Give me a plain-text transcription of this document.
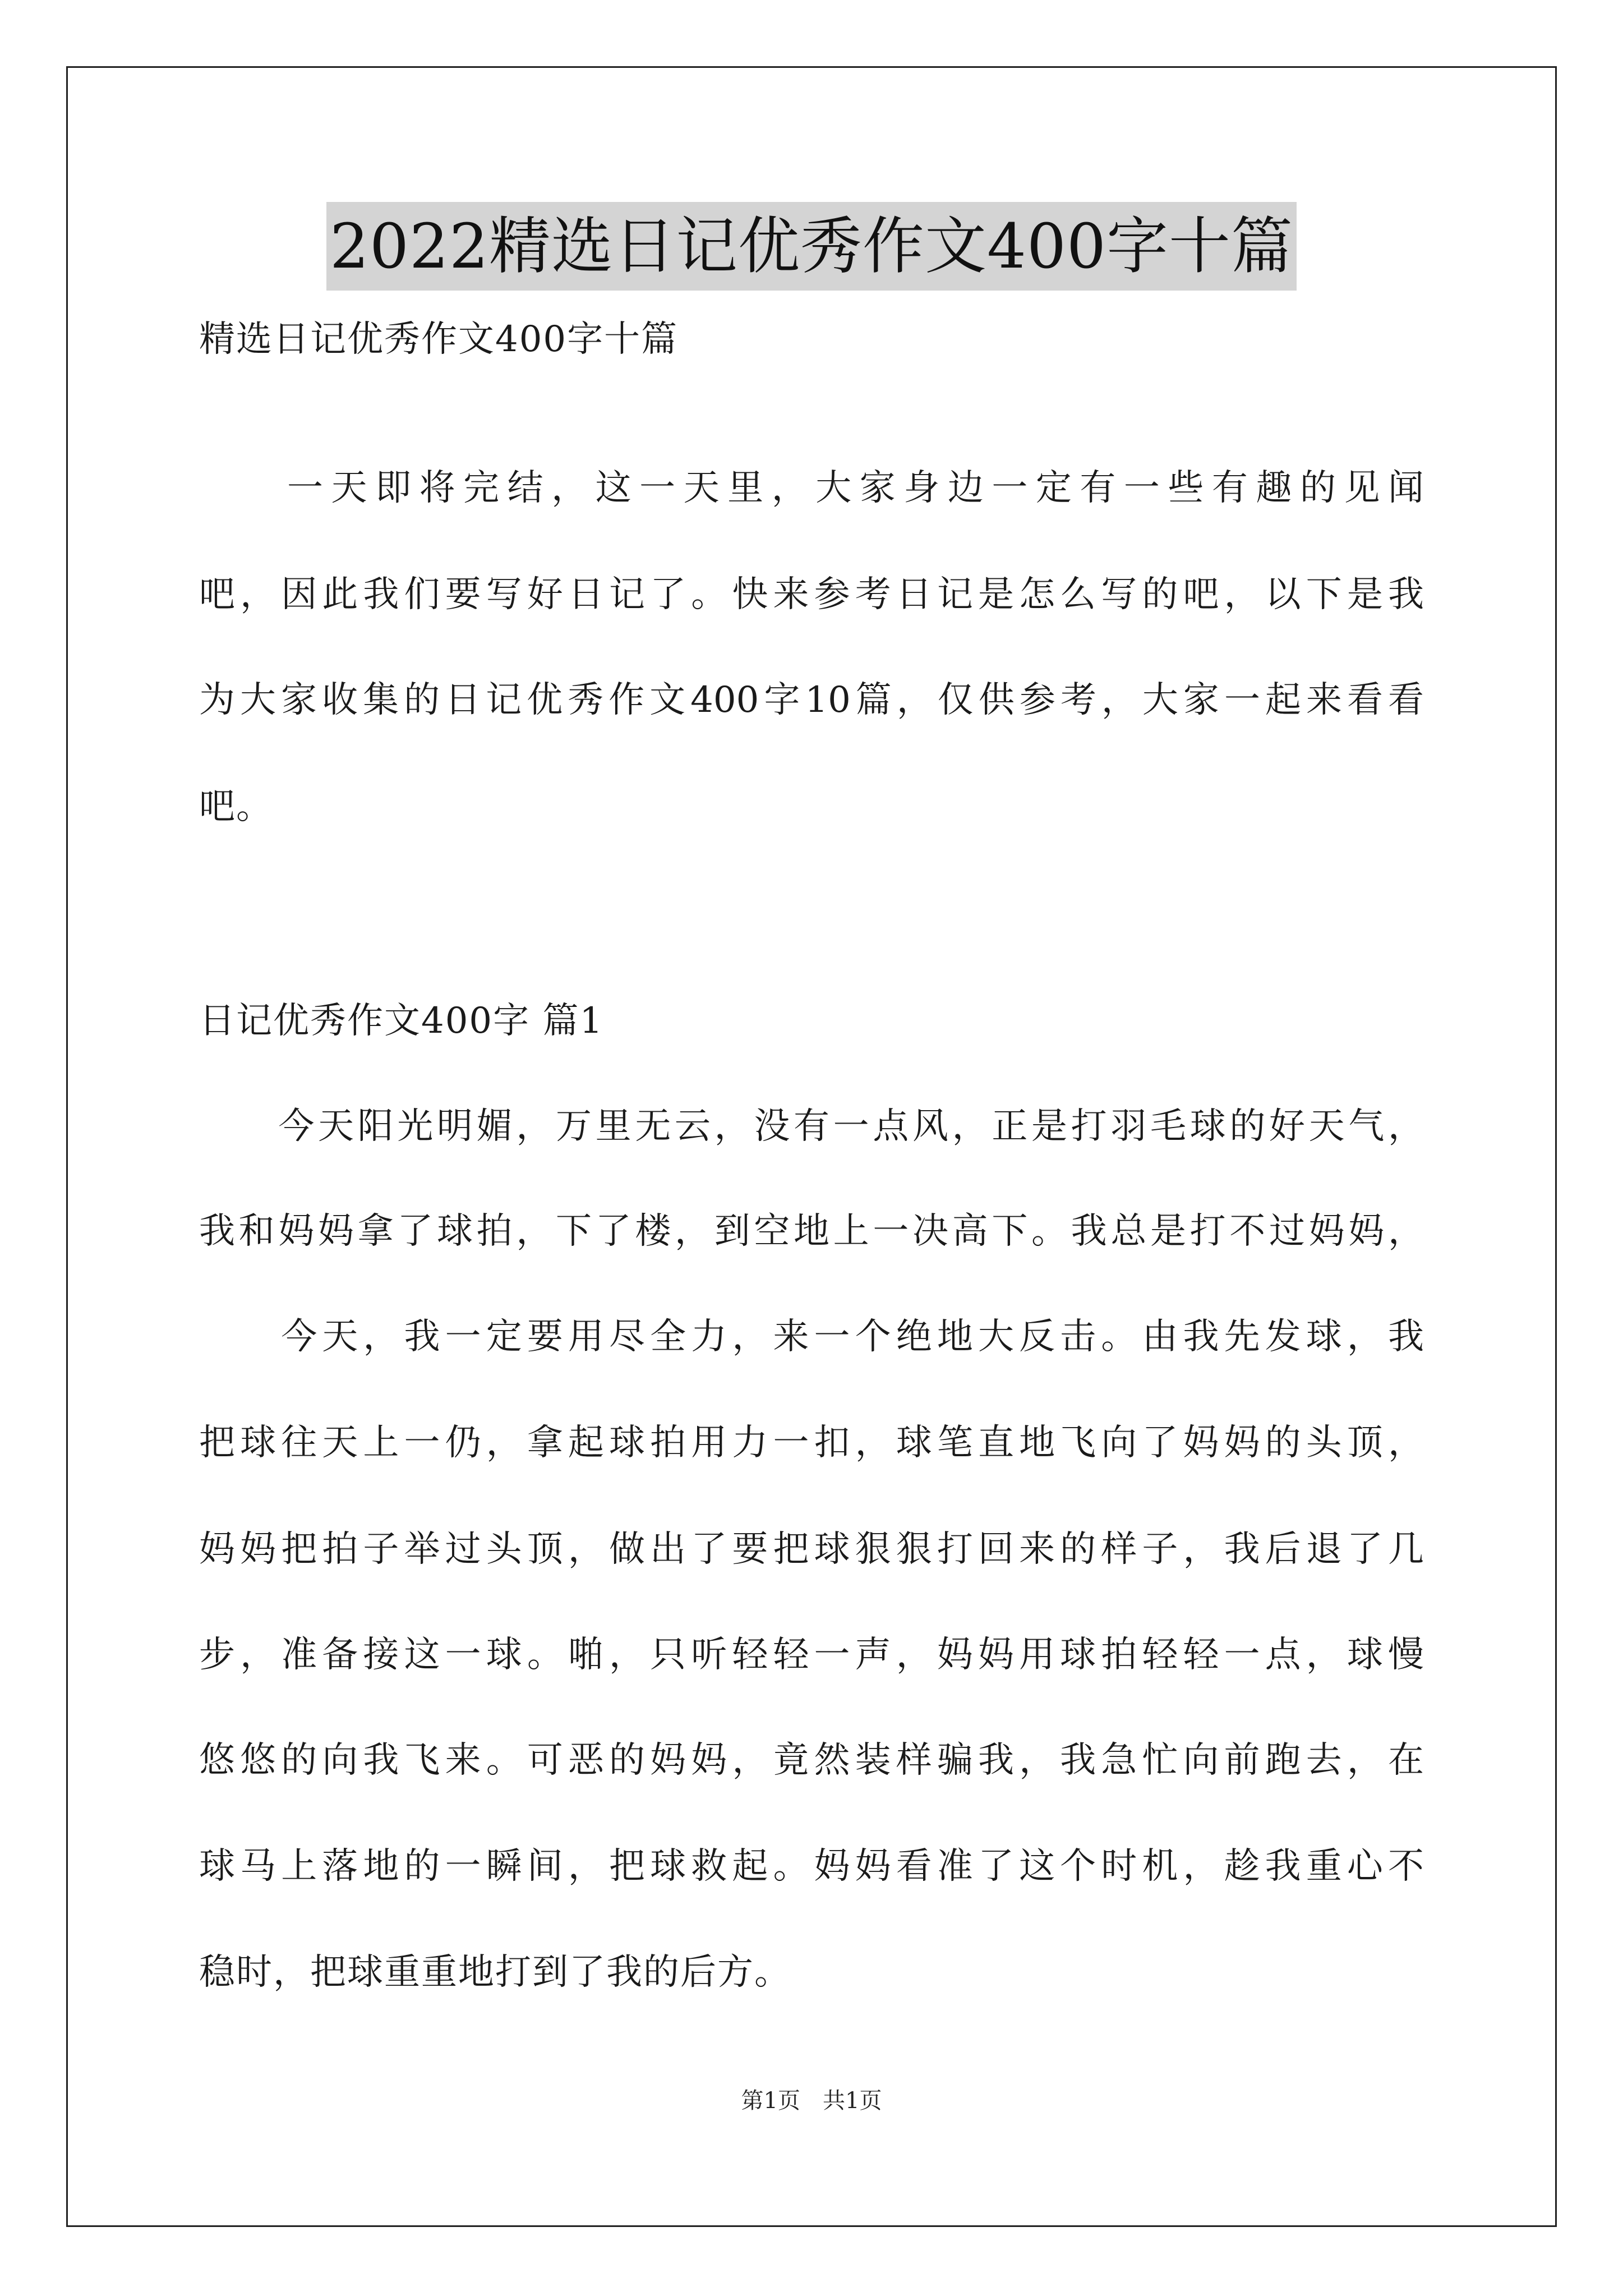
2022精选日记优秀作文400字十篇
精选日记优秀作文400字十篇
　　一天即将完结，这一天里，大家身边一定有一些有趣的见闻
吧，因此我们要写好日记了。快来参考日记是怎么写的吧，以下是我
为大家收集的日记优秀作文400字10篇，仅供参考，大家一起来看看
吧。
日记优秀作文400字 篇1
　　今天阳光明媚，万里无云，没有一点风，正是打羽毛球的好天气，
我和妈妈拿了球拍，下了楼，到空地上一决高下。我总是打不过妈妈，
　　今天，我一定要用尽全力，来一个绝地大反击。由我先发球，我
把球往天上一仍，拿起球拍用力一扣，球笔直地飞向了妈妈的头顶，
妈妈把拍子举过头顶，做出了要把球狠狠打回来的样子，我后退了几
步，准备接这一球。啪，只听轻轻一声，妈妈用球拍轻轻一点，球慢
悠悠的向我飞来。可恶的妈妈，竟然装样骗我，我急忙向前跑去，在
球马上落地的一瞬间，把球救起。妈妈看准了这个时机，趁我重心不
稳时，把球重重地打到了我的后方。
第1页　共1页
